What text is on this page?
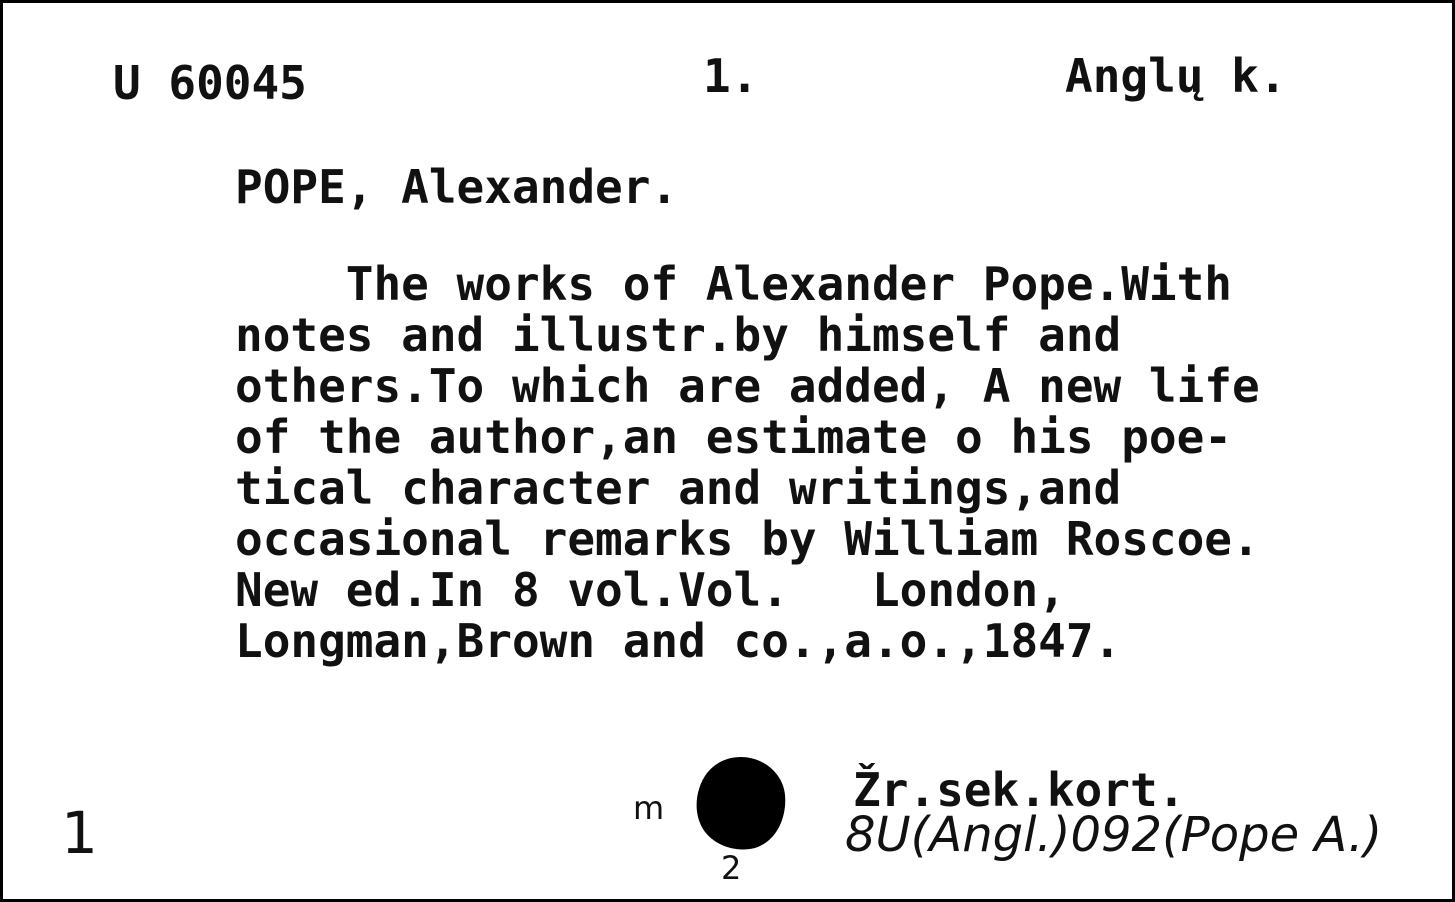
U 60045	1.	Anglų k.
POPE, Alexander.
The works of Alexander Pope.With
notes and illustr.by himself and
others.To which are added, A new life
of the author,an estimate o his poe-
tical character and writings,and
occasional remarks by William Roscoe.
New ed.In 8 vol.Vol.   London,
Longman,Brown and co.,a.o.,1847.
1	m
2
Žr.sek.kort.
8U(Angl.)092(Pope A.)
